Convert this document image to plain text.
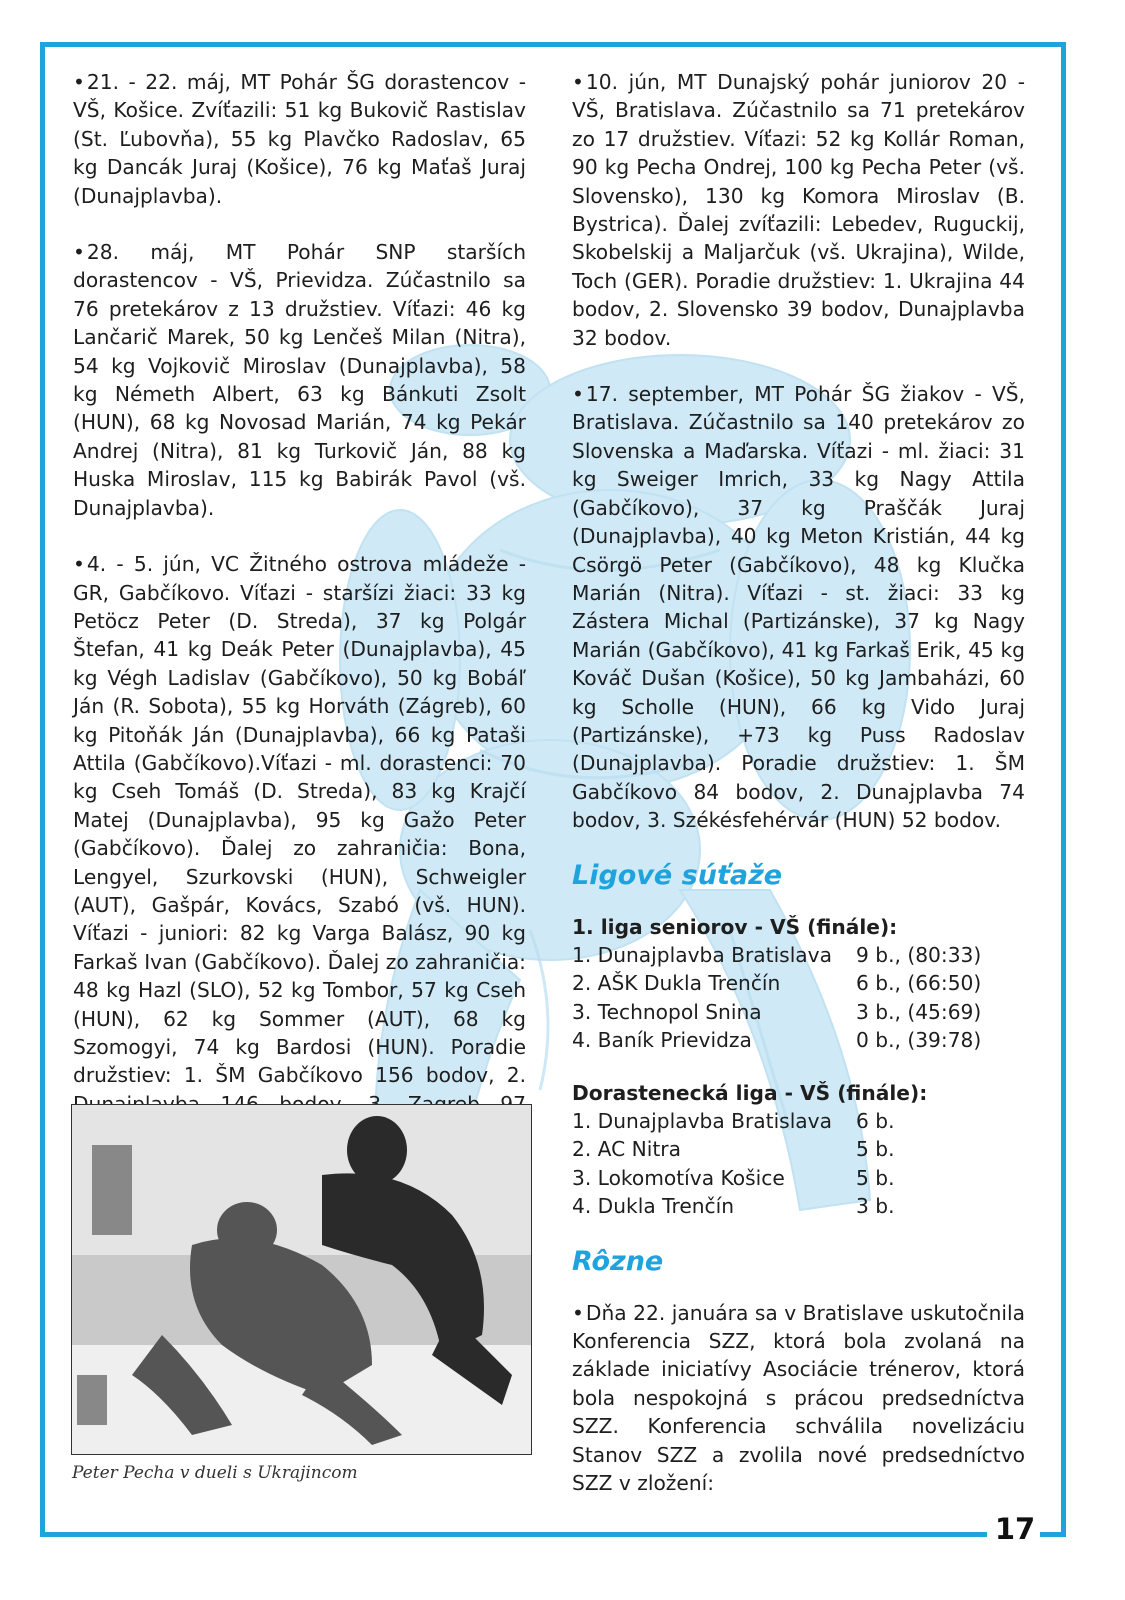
17

•21. - 22. máj, MT Pohár ŠG dorastencov - VŠ, Košice. Zvíťazili: 51 kg Bukovič Rastislav (St. Ľubovňa), 55 kg Plavčko Radoslav, 65 kg Dancák Juraj (Košice), 76 kg Maťaš Juraj (Dunajplavba).

•28. máj, MT Pohár SNP starších dorastencov - VŠ, Prievidza. Zúčastnilo sa 76 pretekárov z 13 družstiev. Víťazi: 46 kg Lančarič Marek, 50 kg Lenčeš Milan (Nitra), 54 kg Vojkovič Miroslav (Dunajplavba), 58 kg Németh Albert, 63 kg Bánkuti Zsolt (HUN), 68 kg Novosad Marián, 74 kg Pekár Andrej (Nitra), 81 kg Turkovič Ján, 88 kg Huska Miroslav, 115 kg Babirák Pavol (vš. Dunajplavba).

•4. - 5. jún, VC Žitného ostrova mládeže - GR, Gabčíkovo. Víťazi - staršízi žiaci: 33 kg Petöcz Peter (D. Streda), 37 kg Polgár Štefan, 41 kg Deák Peter (Dunajplavba), 45 kg Végh Ladislav (Gabčíkovo), 50 kg Bobáľ Ján (R. Sobota), 55 kg Horváth (Zágreb), 60 kg Pitoňák Ján (Dunajplavba), 66 kg Pataši Attila (Gabčíkovo).Víťazi - ml. dorastenci: 70 kg Cseh Tomáš (D. Streda), 83 kg Krajčí Matej (Dunajplavba), 95 kg Gažo Peter (Gabčíkovo). Ďalej zo zahraničia: Bona, Lengyel, Szurkovski (HUN), Schweigler (AUT), Gašpár, Kovács, Szabó (vš. HUN). Víťazi - juniori: 82 kg Varga Balász, 90 kg Farkaš Ivan (Gabčíkovo). Ďalej zo zahraničia: 48 kg Hazl (SLO), 52 kg Tombor, 57 kg Cseh (HUN), 62 kg Sommer (AUT), 68 kg Szomogyi, 74 kg Bardosi (HUN). Poradie družstiev: 1. ŠM Gabčíkovo 156 bodov, 2.

Peter Pecha v dueli s Ukrajincom

•10. jún, MT Dunajský pohár juniorov 20 - VŠ, Bratislava. Zúčastnilo sa 71 pretekárov zo 17 družstiev. Víťazi: 52 kg Kollár Roman, 90 kg Pecha Ondrej, 100 kg Pecha Peter (vš. Slovensko), 130 kg Komora Miroslav (B. Bystrica). Ďalej zvíťazili: Lebedev, Ruguckij, Skobelskij a Maljarčuk (vš. Ukrajina), Wilde, Toch (GER). Poradie družstiev: 1. Ukrajina 44 bodov, 2. Slovensko 39 bodov, Dunajplavba 32 bodov.

•17. september, MT Pohár ŠG žiakov - VŠ, Bratislava. Zúčastnilo sa 140 pretekárov zo Slovenska a Maďarska. Víťazi - ml. žiaci: 31 kg Sweiger Imrich, 33 kg Nagy Attila (Gabčíkovo), 37 kg Praščák Juraj (Dunajplavba), 40 kg Meton Kristián, 44 kg Csörgö Peter (Gabčíkovo), 48 kg Klučka Marián (Nitra). Víťazi - st. žiaci: 33 kg Zástera Michal (Partizánske), 37 kg Nagy Marián (Gabčíkovo), 41 kg Farkaš Erik, 45 kg Kováč Dušan (Košice), 50 kg Jambaházi, 60 kg Scholle (HUN), 66 kg Vido Juraj (Partizánske), +73 kg Puss Radoslav (Dunajplavba). Poradie družstiev: 1. ŠM Gabčíkovo 84 bodov, 2. Dunajplavba 74 bodov, 3. Székésfehérvár (HUN) 52 bodov.

Ligové súťaže

1. liga seniorov - VŠ (finále):

1. Dunajplavba Bratislava	9 b., (80:33)
2. AŠK Dukla Trenčín	6 b., (66:50)
3. Technopol Snina	3 b., (45:69)
4. Baník Prievidza	0 b., (39:78)

Dorastenecká liga - VŠ (finále):

1. Dunajplavba Bratislava	6 b.
2. AC Nitra	5 b.
3. Lokomotíva Košice	5 b.
4. Dukla Trenčín	3 b.
Rôzne

•Dňa 22. januára sa v Bratislave uskutočnila Konferencia SZZ, ktorá bola zvolaná na základe iniciatívy Asociácie trénerov, ktorá bola nespokojná s prácou predsedníctva SZZ. Konferencia schválila novelizáciu Stanov SZZ a zvolila nové predsedníctvo SZZ v zložení:
